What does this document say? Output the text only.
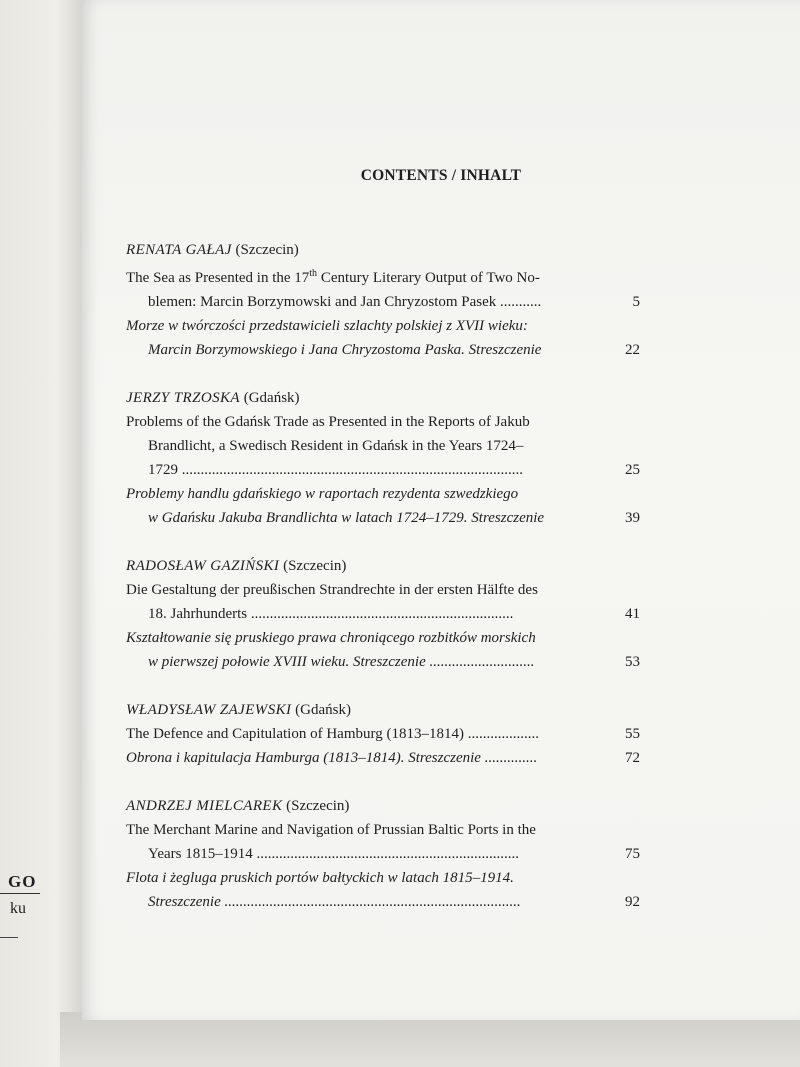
GO
ku
CONTENTS / INHALT
RENATA GAŁAJ (Szczecin)
The Sea as Presented in the 17th Century Literary Output of Two No-
blemen: Marcin Borzymowski and Jan Chryzostom Pasek ...........	5
Morze w twórczości przedstawicieli szlachty polskiej z XVII wieku:
Marcin Borzymowskiego i Jana Chryzostoma Paska. Streszczenie	22
JERZY TRZOSKA (Gdańsk)
Problems of the Gdańsk Trade as Presented in the Reports of Jakub
Brandlicht, a Swedisch Resident in Gdańsk in the Years 1724–
1729 ...........................................................................................	25
Problemy handlu gdańskiego w raportach rezydenta szwedzkiego
w Gdańsku Jakuba Brandlichta w latach 1724–1729. Streszczenie	39
RADOSŁAW GAZIŃSKI (Szczecin)
Die Gestaltung der preußischen Strandrechte in der ersten Hälfte des
18. Jahrhunderts ......................................................................	41
Kształtowanie się pruskiego prawa chroniącego rozbitków morskich
w pierwszej połowie XVIII wieku. Streszczenie ............................	53
WŁADYSŁAW ZAJEWSKI (Gdańsk)
The Defence and Capitulation of Hamburg (1813–1814) ...................	55
Obrona i kapitulacja Hamburga (1813–1814). Streszczenie ..............	72
ANDRZEJ MIELCAREK (Szczecin)
The Merchant Marine and Navigation of Prussian Baltic Ports in the
Years 1815–1914 ......................................................................	75
Flota i żegluga pruskich portów bałtyckich w latach 1815–1914.
Streszczenie ...............................................................................	92
